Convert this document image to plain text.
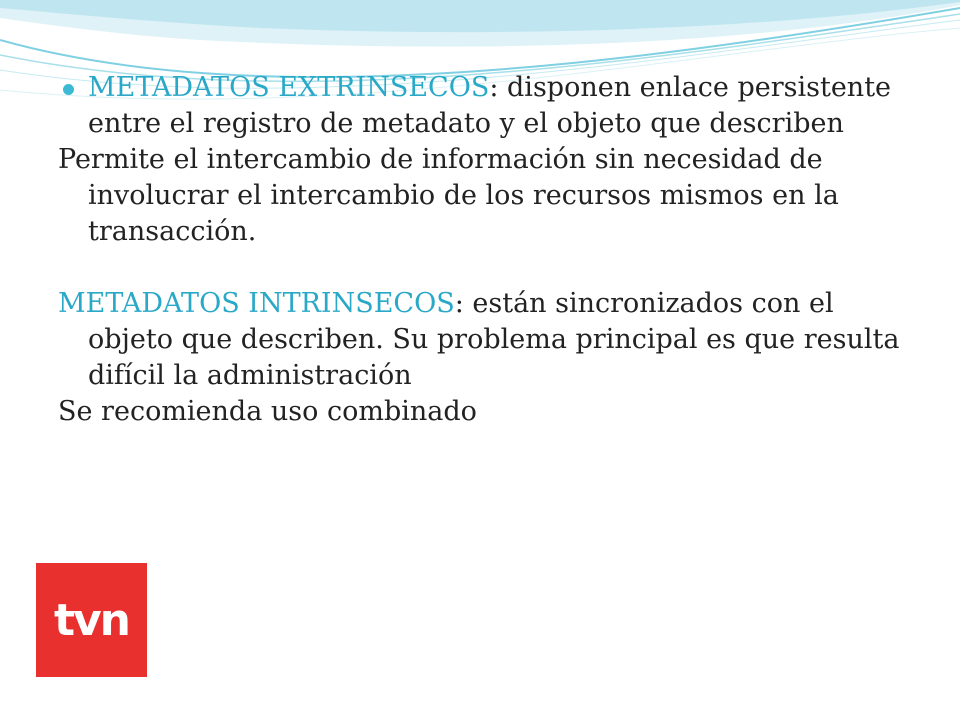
METADATOS EXTRINSECOS: disponen enlace persistente entre el registro de metadato y el objeto que describen

Permite el intercambio de información sin necesidad de involucrar el intercambio de los recursos mismos en la transacción.

METADATOS INTRINSECOS: están sincronizados con el objeto que describen. Su problema principal es que resulta difícil la administración

Se recomienda uso combinado

tvn
